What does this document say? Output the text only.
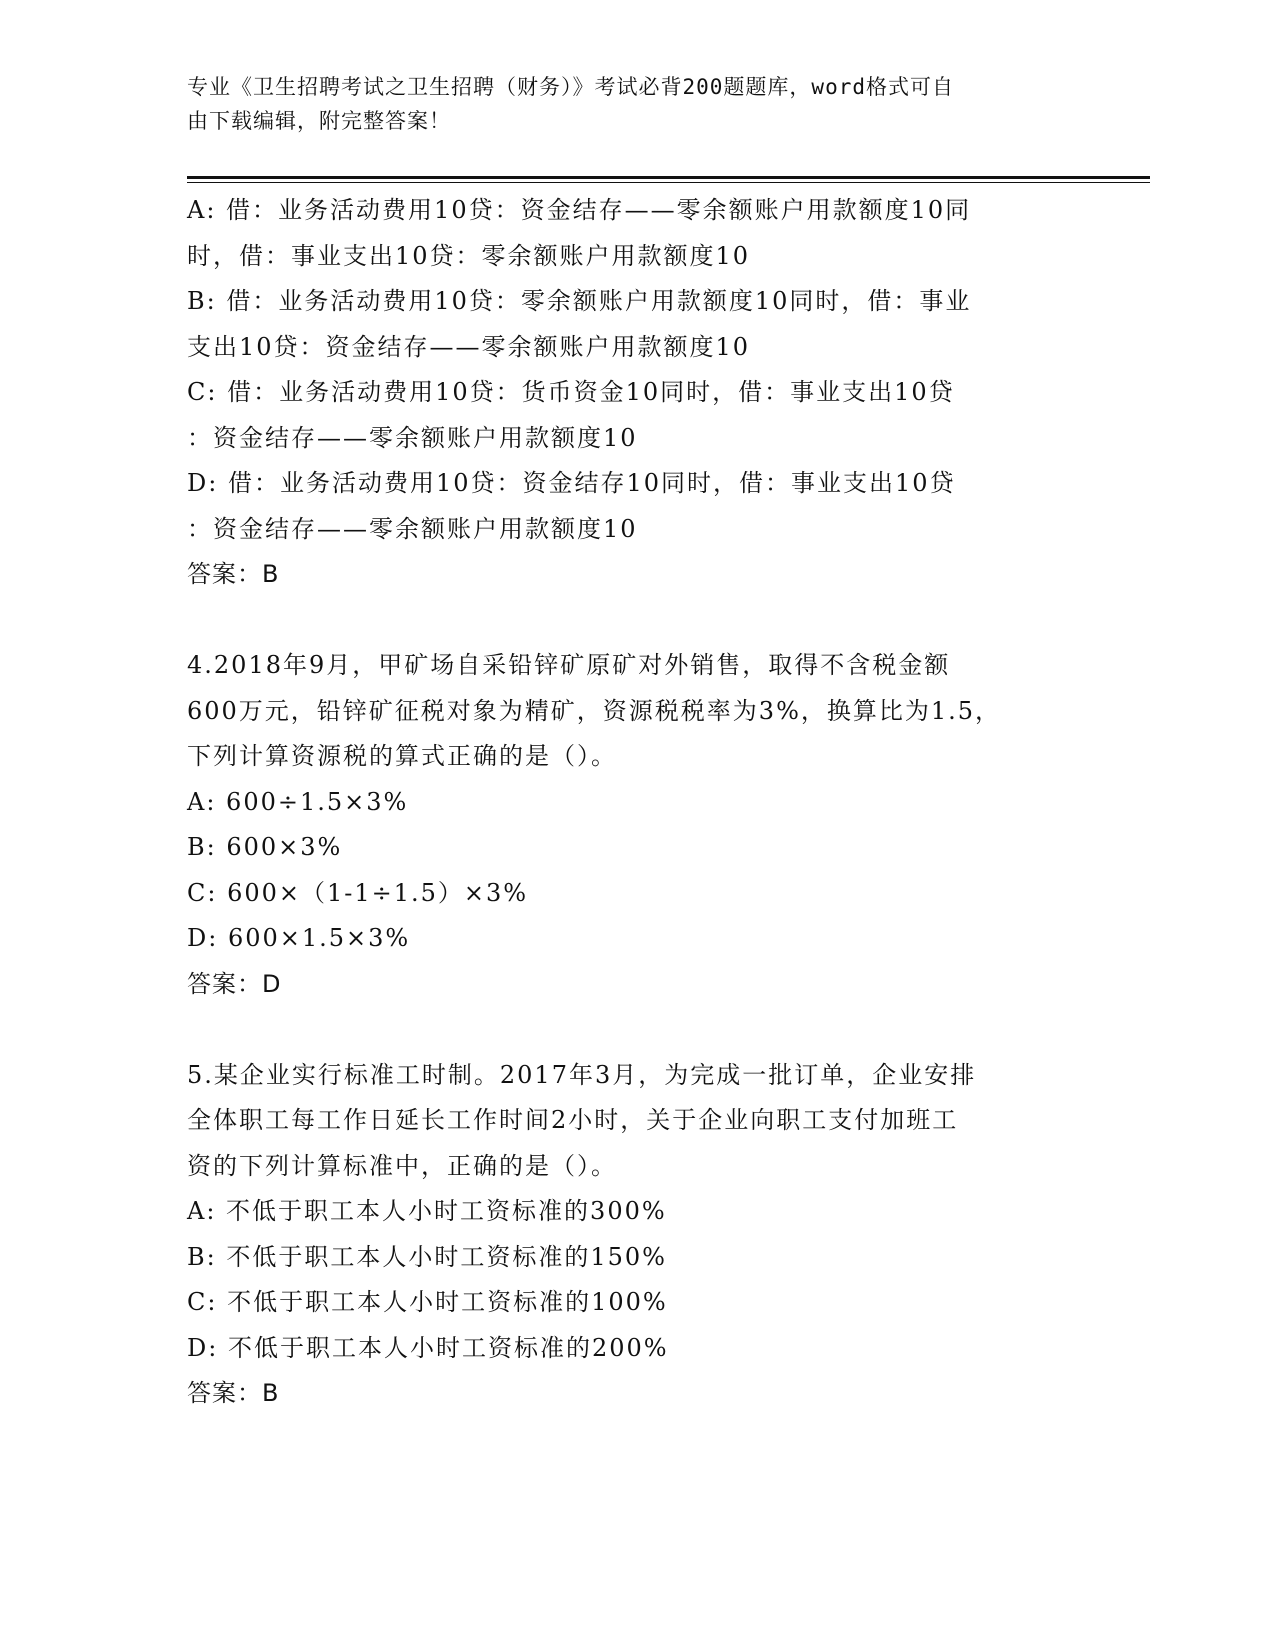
专业《卫生招聘考试之卫生招聘（财务）》考试必背200题题库，word格式可自
由下载编辑，附完整答案！

A: 借：业务活动费用10贷：资金结存——零余额账户用款额度10同

时，借：事业支出10贷：零余额账户用款额度10

B: 借：业务活动费用10贷：零余额账户用款额度10同时，借：事业

支出10贷：资金结存——零余额账户用款额度10

C: 借：业务活动费用10贷：货币资金10同时，借：事业支出10贷

：资金结存——零余额账户用款额度10

D: 借：业务活动费用10贷：资金结存10同时，借：事业支出10贷

：资金结存——零余额账户用款额度10

答案：B

4.2018年9月，甲矿场自采铅锌矿原矿对外销售，取得不含税金额

600万元，铅锌矿征税对象为精矿，资源税税率为3%，换算比为1.5，

下列计算资源税的算式正确的是（）。

A: 600÷1.5×3%

B: 600×3%

C: 600×（1-1÷1.5）×3%

D: 600×1.5×3%

答案：D

5.某企业实行标准工时制。2017年3月，为完成一批订单，企业安排

全体职工每工作日延长工作时间2小时，关于企业向职工支付加班工

资的下列计算标准中，正确的是（）。

A: 不低于职工本人小时工资标准的300%

B: 不低于职工本人小时工资标准的150%

C: 不低于职工本人小时工资标准的100%

D: 不低于职工本人小时工资标准的200%

答案：B
